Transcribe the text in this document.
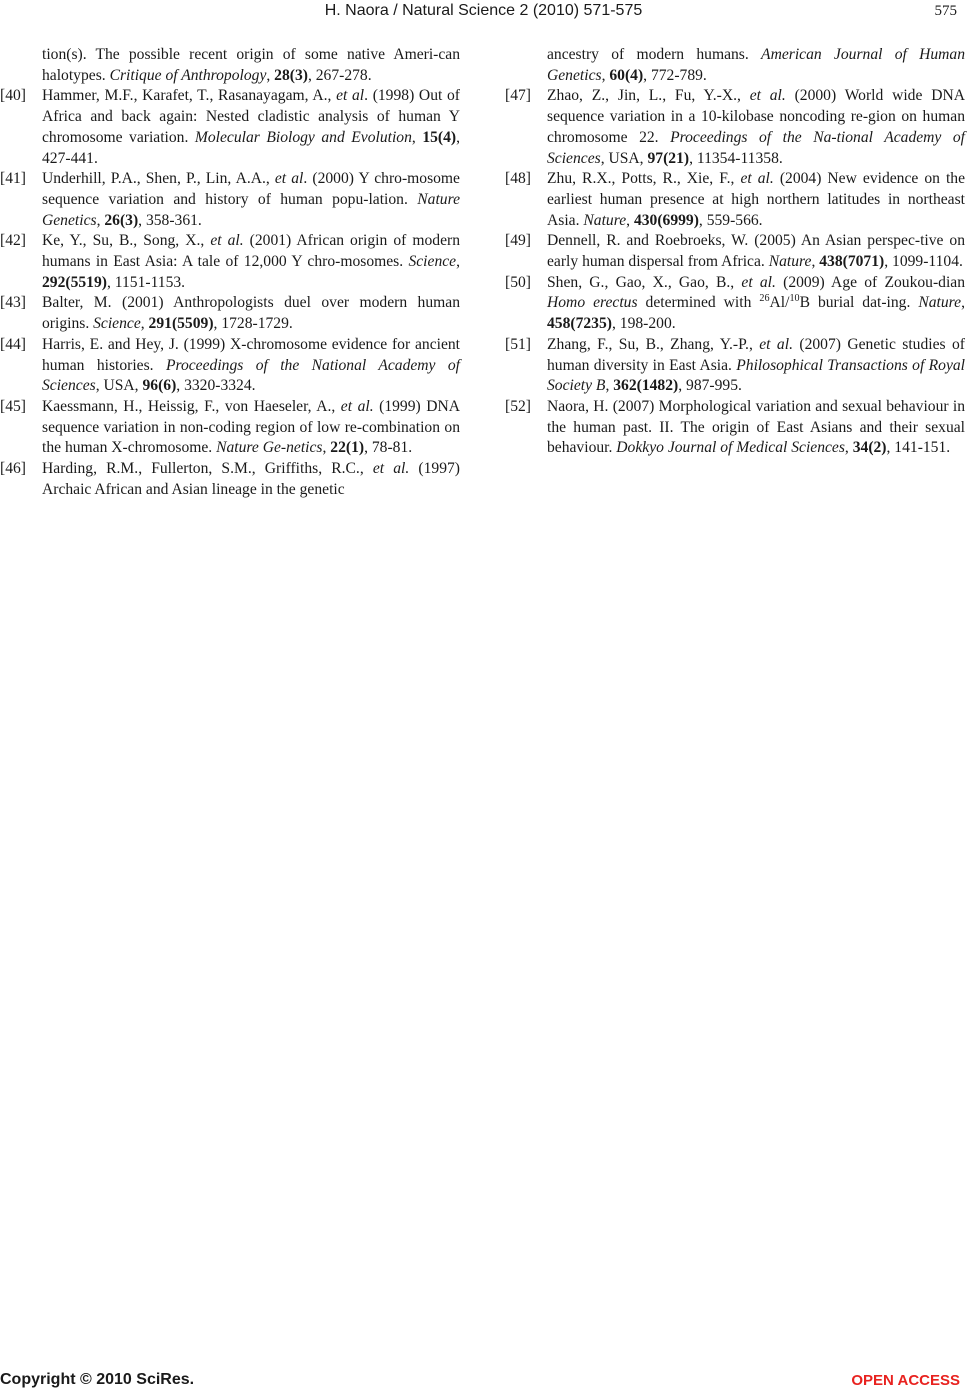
H. Naora / Natural Science 2 (2010) 571-575	575
tion(s). The possible recent origin of some native Ameri-can halotypes. Critique of Anthropology, 28(3), 267-278.
[40]	Hammer, M.F., Karafet, T., Rasanayagam, A., et al. (1998) Out of Africa and back again: Nested cladistic analysis of human Y chromosome variation. Molecular Biology and Evolution, 15(4), 427-441.
[41]	Underhill, P.A., Shen, P., Lin, A.A., et al. (2000) Y chro-mosome sequence variation and history of human popu-lation. Nature Genetics, 26(3), 358-361.
[42]	Ke, Y., Su, B., Song, X., et al. (2001) African origin of modern humans in East Asia: A tale of 12,000 Y chro-mosomes. Science, 292(5519), 1151-1153.
[43]	Balter, M. (2001) Anthropologists duel over modern human origins. Science, 291(5509), 1728-1729.
[44]	Harris, E. and Hey, J. (1999) X-chromosome evidence for ancient human histories. Proceedings of the National Academy of Sciences, USA, 96(6), 3320-3324.
[45]	Kaessmann, H., Heissig, F., von Haeseler, A., et al. (1999) DNA sequence variation in non-coding region of low re-combination on the human X-chromosome. Nature Ge-netics, 22(1), 78-81.
[46]	Harding, R.M., Fullerton, S.M., Griffiths, R.C., et al. (1997) Archaic African and Asian lineage in the genetic
ancestry of modern humans. American Journal of Human Genetics, 60(4), 772-789.
[47]	Zhao, Z., Jin, L., Fu, Y.-X., et al. (2000) World wide DNA sequence variation in a 10-kilobase noncoding re-gion on human chromosome 22. Proceedings of the Na-tional Academy of Sciences, USA, 97(21), 11354-11358.
[48]	Zhu, R.X., Potts, R., Xie, F., et al. (2004) New evidence on the earliest human presence at high northern latitudes in northeast Asia. Nature, 430(6999), 559-566.
[49]	Dennell, R. and Roebroeks, W. (2005) An Asian perspec-tive on early human dispersal from Africa. Nature, 438(7071), 1099-1104.
[50]	Shen, G., Gao, X., Gao, B., et al. (2009) Age of Zoukou-dian Homo erectus determined with $^{26}$Al/$^{10}$B burial dat-ing. Nature, 458(7235), 198-200.
[51]	Zhang, F., Su, B., Zhang, Y.-P., et al. (2007) Genetic studies of human diversity in East Asia. Philosophical Transactions of Royal Society B, 362(1482), 987-995.
[52]	Naora, H. (2007) Morphological variation and sexual behaviour in the human past. II. The origin of East Asians and their sexual behaviour. Dokkyo Journal of Medical Sciences, 34(2), 141-151.
Copyright © 2010 SciRes.	OPEN ACCESS
